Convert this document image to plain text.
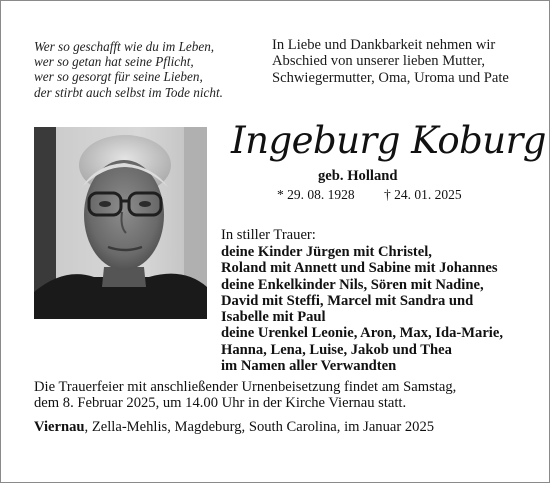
Wer so geschafft wie du im Leben,
wer so getan hat seine Pflicht,
wer so gesorgt für seine Lieben,
der stirbt auch selbst im Tode nicht.
In Liebe und Dankbarkeit nehmen wir
Abschied von unserer lieben Mutter,
Schwiegermutter, Oma, Uroma und Pate
Ingeburg Koburg
geb. Holland
* 29. 08. 1928 † 24. 01. 2025
In stiller Trauer:
deine Kinder Jürgen mit Christel,
Roland mit Annett und Sabine mit Johannes
deine Enkelkinder Nils, Sören mit Nadine,
David mit Steffi, Marcel mit Sandra und
Isabelle mit Paul
deine Urenkel Leonie, Aron, Max, Ida-Marie,
Hanna, Lena, Luise, Jakob und Thea
im Namen aller Verwandten
Die Trauerfeier mit anschließender Urnenbeisetzung findet am Samstag,
dem 8. Februar 2025, um 14.00 Uhr in der Kirche Viernau statt.
Viernau, Zella-Mehlis, Magdeburg, South Carolina, im Januar 2025
